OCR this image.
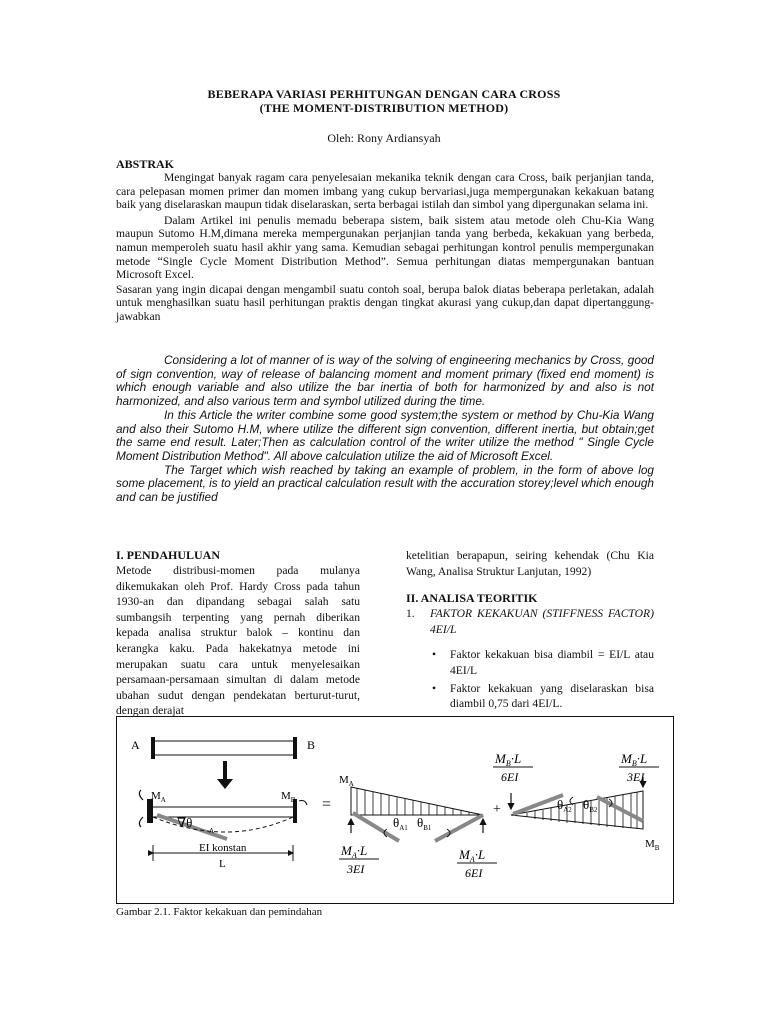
BEBERAPA VARIASI PERHITUNGAN DENGAN CARA CROSS
(THE MOMENT-DISTRIBUTION METHOD)
Oleh: Rony Ardiansyah
ABSTRAK

Mengingat banyak ragam cara penyelesaian mekanika teknik dengan cara Cross, baik perjanjian tanda, cara pelepasan momen primer dan momen imbang yang cukup bervariasi,juga mempergunakan kekakuan batang baik yang diselaraskan maupun tidak diselaraskan, serta berbagai istilah dan simbol yang dipergunakan selama ini.

Dalam Artikel ini penulis memadu beberapa sistem, baik sistem atau metode oleh Chu-Kia Wang maupun Sutomo H.M,dimana mereka mempergunakan perjanjian tanda yang berbeda, kekakuan yang berbeda, namun memperoleh suatu hasil akhir yang sama. Kemudian sebagai perhitungan kontrol penulis mempergunakan metode “Single Cycle Moment Distribution Method”. Semua perhitungan diatas mempergunakan bantuan Microsoft Excel.

Sasaran yang ingin dicapai dengan mengambil suatu contoh soal, berupa balok diatas beberapa perletakan, adalah untuk menghasilkan suatu hasil perhitungan praktis dengan tingkat akurasi yang cukup,dan dapat dipertanggung-jawabkan

Considering a lot of manner of is way of the solving of engineering mechanics by Cross, good of sign convention, way of release of balancing moment and moment primary (fixed end moment) is which enough variable and also utilize the bar inertia of both for harmonized by and also is not harmonized, and also various term and symbol utilized during the time.

In this Article the writer combine some good system;the system or method by Chu-Kia Wang and also their Sutomo H.M, where utilize the different sign convention, different inertia, but obtain;get the same end result. Later;Then as calculation control of the writer utilize the method " Single Cycle Moment Distribution Method". All above calculation utilize the aid of Microsoft Excel.

The Target which wish reached by taking an example of problem, in the form of above log some placement, is to yield an practical calculation result with the accuration storey;level which enough and can be justified

I. PENDAHULUAN

Metode distribusi-momen pada mulanya dikemukakan oleh Prof. Hardy Cross pada tahun 1930-an dan dipandang sebagai salah satu sumbangsih terpenting yang pernah diberikan kepada analisa struktur balok – kontinu dan kerangka kaku. Pada hakekatnya metode ini merupakan suatu cara untuk menyelesaikan persamaan-persamaan simultan di dalam metode ubahan sudut dengan pendekatan berturut-turut, dengan derajat

ketelitian berapapun, seiring kehendak (Chu Kia Wang, Analisa Struktur Lanjutan, 1992)

II. ANALISA TEORITIK
1.	FAKTOR KEKAKUAN (STIFFNESS FACTOR) 4EI/L
• Faktor kekakuan bisa diambil = EI/L atau 4EI/L
• Faktor kekakuan yang diselaraskan bisa diambil 0,75 dari 4EI/L.
A	B
$M_A$	$M_B$
∇θ
A
EI konstan
L
=
$M_A$
$\theta_{A1}$ $\theta_{B1}$
$M_A\cdot L$
3EI
$M_A\cdot L$
6EI
+
$M_B\cdot L$
6EI
$M_B\cdot L$
3EI
$\theta_{A2}$ $\theta_{B2}$
$M_B$
Gambar 2.1. Faktor kekakuan dan pemindahan
